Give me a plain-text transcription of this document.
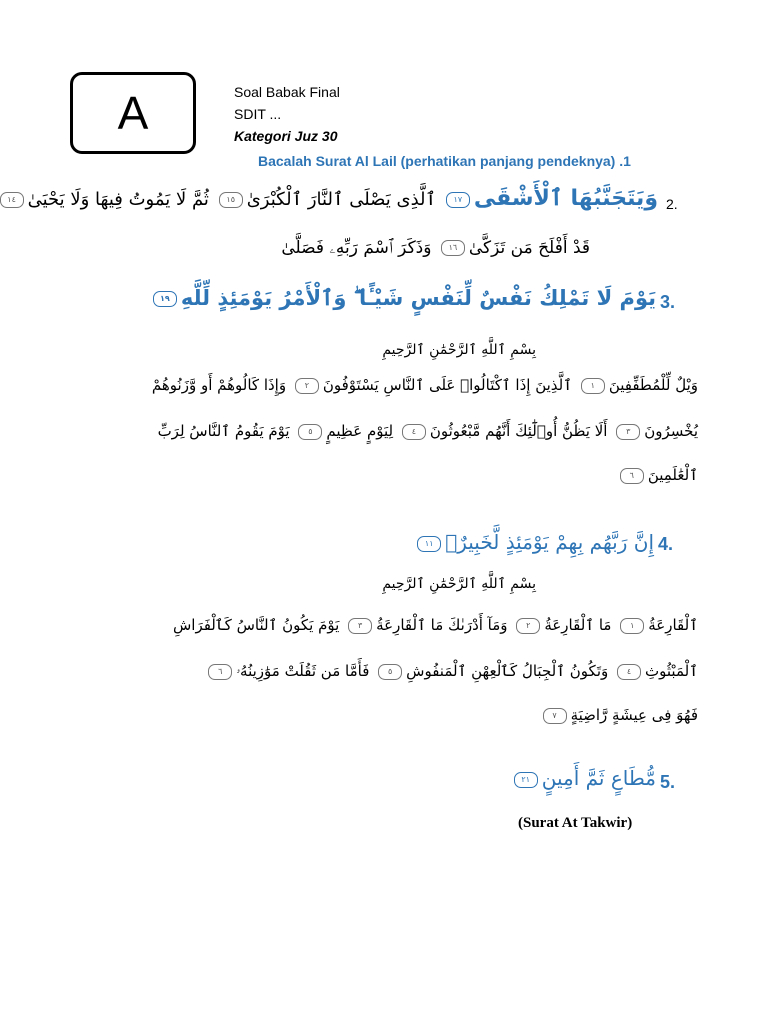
A	Soal Babak Final
SDIT ...
Kategori Juz 30
Bacalah Surat Al Lail (perhatikan panjang pendeknya) .1
2.
وَيَتَجَنَّبُهَا ٱلْأَشْقَى١٧ ٱلَّذِى يَصْلَى ٱلنَّارَ ٱلْكُبْرَىٰ١٥ ثُمَّ لَا يَمُوتُ فِيهَا وَلَا يَحْيَىٰ١٤
قَدْ أَفْلَحَ مَن تَزَكَّىٰ١٦ وَذَكَرَ ٱسْمَ رَبِّهِۦ فَصَلَّىٰ
3.
يَوْمَ لَا تَمْلِكُ نَفْسٌ لِّنَفْسٍ شَيْـًٔا ۖ وَٱلْأَمْرُ يَوْمَئِذٍ لِّلَّهِ١٩
بِسْمِ ٱللَّهِ ٱلرَّحْمَٰنِ ٱلرَّحِيمِ
وَيْلٌ لِّلْمُطَفِّفِينَ١ ٱلَّذِينَ إِذَا ٱكْتَالُوا۟ عَلَى ٱلنَّاسِ يَسْتَوْفُونَ٢ وَإِذَا كَالُوهُمْ أَو وَّزَنُوهُمْ
يُخْسِرُونَ٣ أَلَا يَظُنُّ أُو۟لَٰٓئِكَ أَنَّهُم مَّبْعُوثُونَ٤ لِيَوْمٍ عَظِيمٍ٥ يَوْمَ يَقُومُ ٱلنَّاسُ لِرَبِّ
ٱلْعَٰلَمِينَ٦
4.
إِنَّ رَبَّهُم بِهِمْ يَوْمَئِذٍ لَّخَبِيرٌۢ١١
بِسْمِ ٱللَّهِ ٱلرَّحْمَٰنِ ٱلرَّحِيمِ
ٱلْقَارِعَةُ١ مَا ٱلْقَارِعَةُ٢ وَمَآ أَدْرَىٰكَ مَا ٱلْقَارِعَةُ٣ يَوْمَ يَكُونُ ٱلنَّاسُ كَٱلْفَرَاشِ
ٱلْمَبْثُوثِ٤ وَتَكُونُ ٱلْجِبَالُ كَٱلْعِهْنِ ٱلْمَنفُوشِ٥ فَأَمَّا مَن ثَقُلَتْ مَوَٰزِينُهُۥ٦
فَهُوَ فِى عِيشَةٍ رَّاضِيَةٍ٧
5.
مُّطَاعٍ ثَمَّ أَمِينٍ٢١
(Surat At Takwir)
